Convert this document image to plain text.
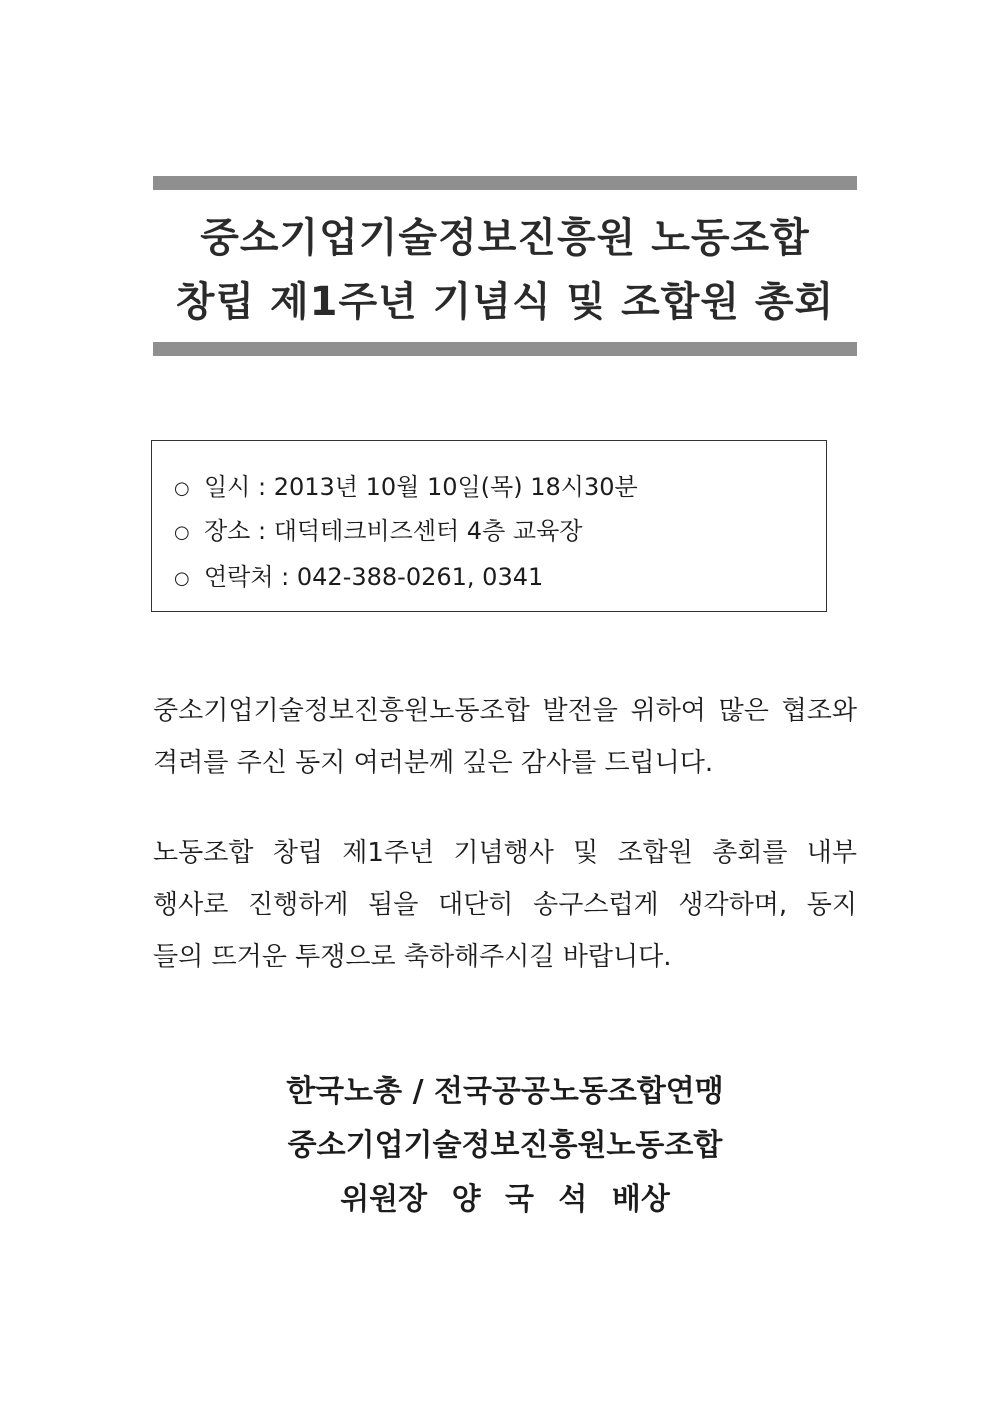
중소기업기술정보진흥원 노동조합
창립 제1주년 기념식 및 조합원 총회
○ 일시 : 2013년 10월 10일(목) 18시30분
○ 장소 : 대덕테크비즈센터 4층 교육장
○ 연락처 : 042-388-0261, 0341
중소기업기술정보진흥원노동조합 발전을 위하여 많은 협조와
격려를 주신 동지 여러분께 깊은 감사를 드립니다.
노동조합 창립 제1주년 기념행사 및 조합원 총회를 내부
행사로 진행하게 됨을 대단히 송구스럽게 생각하며, 동지
들의 뜨거운 투쟁으로 축하해주시길 바랍니다.
한국노총 / 전국공공노동조합연맹
중소기업기술정보진흥원노동조합
위원장 양 국 석 배상
